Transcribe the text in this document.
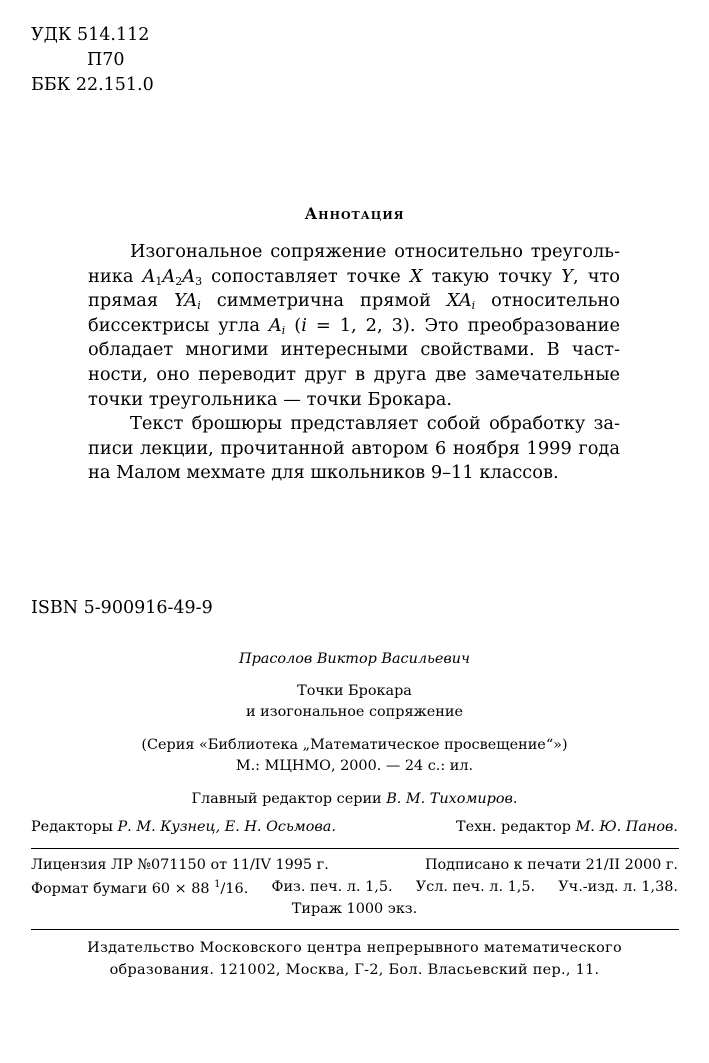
УДК 514.112
П70
ББК 22.151.0
Аннотация

Изогональное сопряжение относительно треугольника $A_1A_2A_3$ сопоставляет точке X такую точку Y, что прямая $YA_i$ симметрична прямой $XA_i$ относительно биссектрисы угла $A_i$ (i = 1, 2, 3). Это преобразование обладает многими интересными свойствами. В частности, оно переводит друг в друга две замечательные точки треугольника — точки Брокара.

Текст брошюры представляет собой обработку записи лекции, прочитанной автором 6 ноября 1999 года на Малом мехмате для школьников 9–11 классов.

ISBN 5-900916-49-9
Прасолов Виктор Васильевич
Точки Брокара
и изогональное сопряжение
(Серия «Библиотека „Математическое просвещение“»)
М.: МЦНМО, 2000. — 24 с.: ил.
Главный редактор серии В. М. Тихомиров.
Редакторы Р. М. Кузнец, Е. Н. Осьмова.	Техн. редактор М. Ю. Панов.
Лицензия ЛР №071150 от 11/IV 1995 г.	Подписано к печати 21/II 2000 г.
Формат бумаги 60 × 88 $^1$/16. Физ. печ. л. 1,5. Усл. печ. л. 1,5. Уч.-изд. л. 1,38.
Тираж 1000 экз.
Издательство Московского центра непрерывного математического
образования. 121002, Москва, Г-2, Бол. Власьевский пер., 11.
